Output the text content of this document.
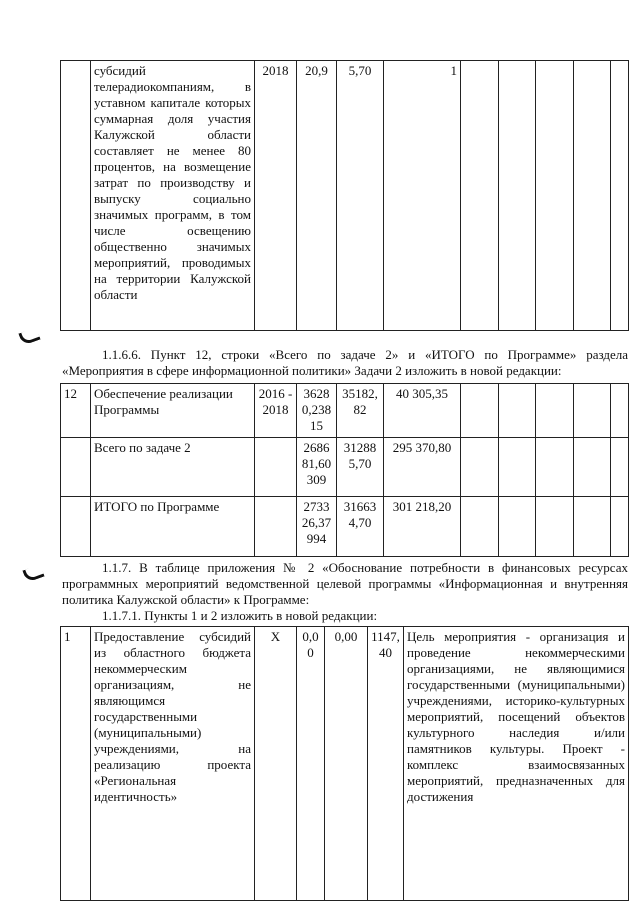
	субсидий телерадиокомпаниям, в уставном капитале которых суммарная доля участия Калужской области составляет не менее 80 процентов, на возмещение затрат по производству и выпуску социально значимых программ, в том числе освещению общественно значимых мероприятий, проводимых на территории Калужской области	2018	20,9	5,70	1					
1.1.6.6. Пункт 12, строки «Всего по задаче 2» и «ИТОГО по Программе» раздела «Мероприятия в сфере информационной политики» Задачи 2 изложить в новой редакции:
12	Обеспечение реализации Программы	2016 - 2018	3628 0,238 15	35182, 82	40 305,35					
	Всего по задаче 2		2686 81,60 309	31288 5,70	295 370,80					
	ИТОГО по Программе		2733 26,37 994	31663 4,70	301 218,20					
1.1.7. В таблице приложения № 2 «Обоснование потребности в финансовых ресурсах программных мероприятий ведомственной целевой программы «Информационная и внутренняя политика Калужской области» к Программе:
1.1.7.1. Пункты 1 и 2 изложить в новой редакции:
1	Предоставление субсидий из областного бюджета некоммерческим организациям, не являющимся государственными (муниципальными) учреждениями, на реализацию проекта «Региональная идентичность»	X	0,0 0	0,00	1147, 40	Цель мероприятия - организация и проведение некоммерческими организациями, не являющимися государственными (муниципальными) учреждениями, историко-культурных мероприятий, посещений объектов культурного наследия и/или памятников культуры. Проект - комплекс взаимосвязанных мероприятий, предназначенных для достижения
